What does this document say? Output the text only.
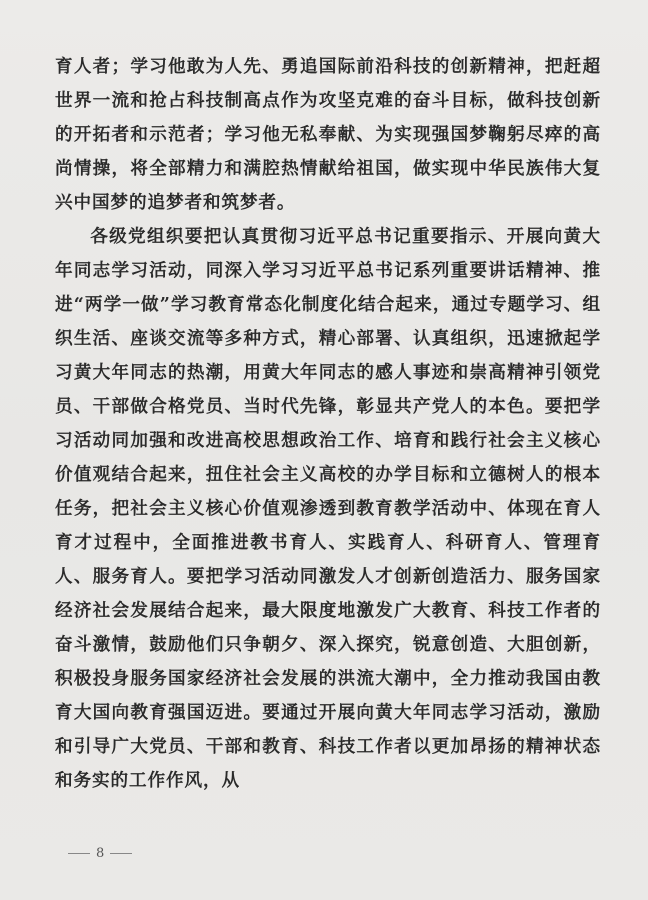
育人者；学习他敢为人先、勇追国际前沿科技的创新精神，把赶超世界一流和抢占科技制高点作为攻坚克难的奋斗目标，做科技创新的开拓者和示范者；学习他无私奉献、为实现强国梦鞠躬尽瘁的高尚情操，将全部精力和满腔热情献给祖国，做实现中华民族伟大复兴中国梦的追梦者和筑梦者。

各级党组织要把认真贯彻习近平总书记重要指示、开展向黄大年同志学习活动，同深入学习习近平总书记系列重要讲话精神、推进“两学一做”学习教育常态化制度化结合起来，通过专题学习、组织生活、座谈交流等多种方式，精心部署、认真组织，迅速掀起学习黄大年同志的热潮，用黄大年同志的感人事迹和崇高精神引领党员、干部做合格党员、当时代先锋，彰显共产党人的本色。要把学习活动同加强和改进高校思想政治工作、培育和践行社会主义核心价值观结合起来，扭住社会主义高校的办学目标和立德树人的根本任务，把社会主义核心价值观渗透到教育教学活动中、体现在育人育才过程中，全面推进教书育人、实践育人、科研育人、管理育人、服务育人。要把学习活动同激发人才创新创造活力、服务国家经济社会发展结合起来，最大限度地激发广大教育、科技工作者的奋斗激情，鼓励他们只争朝夕、深入探究，锐意创造、大胆创新，积极投身服务国家经济社会发展的洪流大潮中，全力推动我国由教育大国向教育强国迈进。要通过开展向黄大年同志学习活动，激励和引导广大党员、干部和教育、科技工作者以更加昂扬的精神状态和务实的工作作风，从

8
